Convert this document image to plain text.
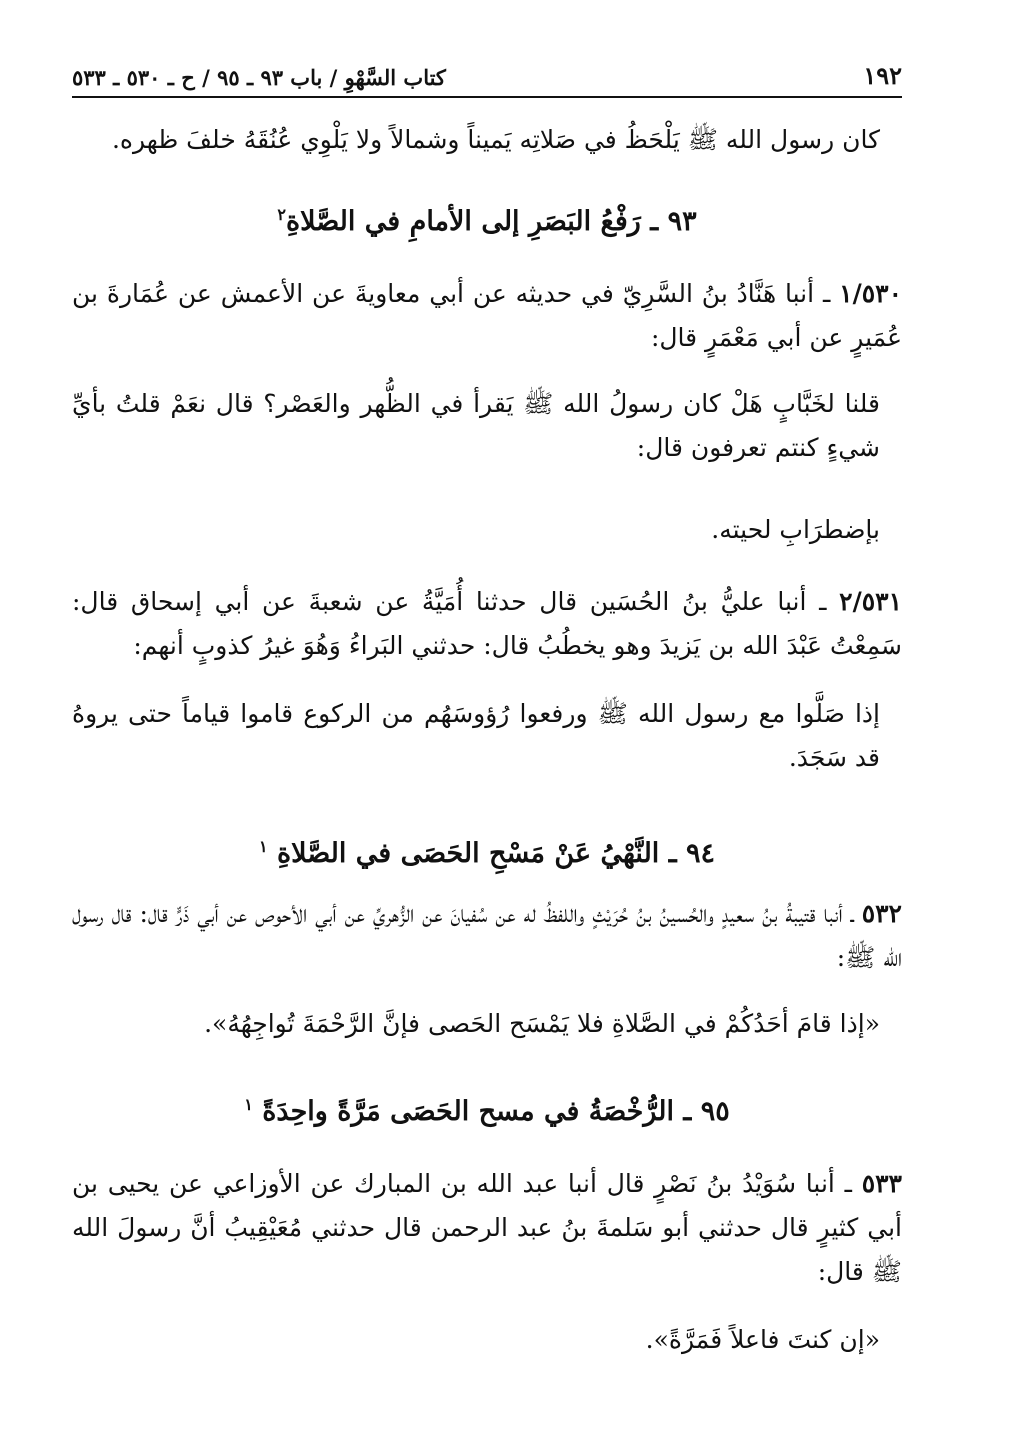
١٩٢
كتاب السَّهْوِ / باب ٩٣ ـ ٩٥ / ح ـ ٥٣٠ ـ ٥٣٣

كان رسول الله ﷺ يَلْحَظُ في صَلاتِه يَميناً وشمالاً ولا يَلْوِي عُنُقَهُ خلفَ ظهره.

٩٣ ـ رَفْعُ البَصَرِ إلى الأمامِ في الصَّلاةِ$^٢$

١/٥٣٠ ـ أنبا هَنَّادُ بنُ السَّرِيّ في حديثه عن أبي معاويةَ عن الأعمش عن عُمَارةَ بن عُمَيرٍ عن أبي مَعْمَرٍ قال:

قلنا لخَبَّابٍ هَلْ كان رسولُ الله ﷺ يَقرأ في الظُّهر والعَصْر؟ قال نعَمْ قلتُ بأيِّ شيءٍ كنتم تعرفون قال:

بإضطرَابِ لحيته.

٢/٥٣١ ـ أنبا عليُّ بنُ الحُسَين قال حدثنا أُمَيَّةُ عن شعبةَ عن أبي إسحاق قال: سَمِعْتُ عَبْدَ الله بن يَزيدَ وهو يخطُبُ قال: حدثني البَراءُ وَهُوَ غيرُ كذوبٍ أنهم:

إذا صَلَّوا مع رسول الله ﷺ ورفعوا رُؤوسَهُم من الركوع قاموا قياماً حتى يروهُ قد سَجَدَ.

٩٤ ـ النَّهْيُ عَنْ مَسْحِ الحَصَى في الصَّلاةِ $^١$

٥٣٢ ـ أنبا قتيبةُ بنُ سعيدٍ والحُسينُ بنُ حُرَيْثٍ واللفظُ له عن سُفيانَ عن الزُّهريِّ عن أبي الأحوص عن أبي ذَرٍّ قال: قال رسول الله ﷺ:

«إذا قامَ أحَدُكُمْ في الصَّلاةِ فلا يَمْسَح الحَصى فإنَّ الرَّحْمَةَ تُواجِهُهُ».

٩٥ ـ الرُّخْصَةُ في مسح الحَصَى مَرَّةً واحِدَةً $^١$

٥٣٣ ـ أنبا سُوَيْدُ بنُ نَصْرٍ قال أنبا عبد الله بن المبارك عن الأوزاعي عن يحيى بن أبي كثيرٍ قال حدثني أبو سَلمةَ بنُ عبد الرحمن قال حدثني مُعَيْقِيبُ أنَّ رسولَ الله ﷺ قال:

«إن كنتَ فاعلاً فَمَرَّةً».
